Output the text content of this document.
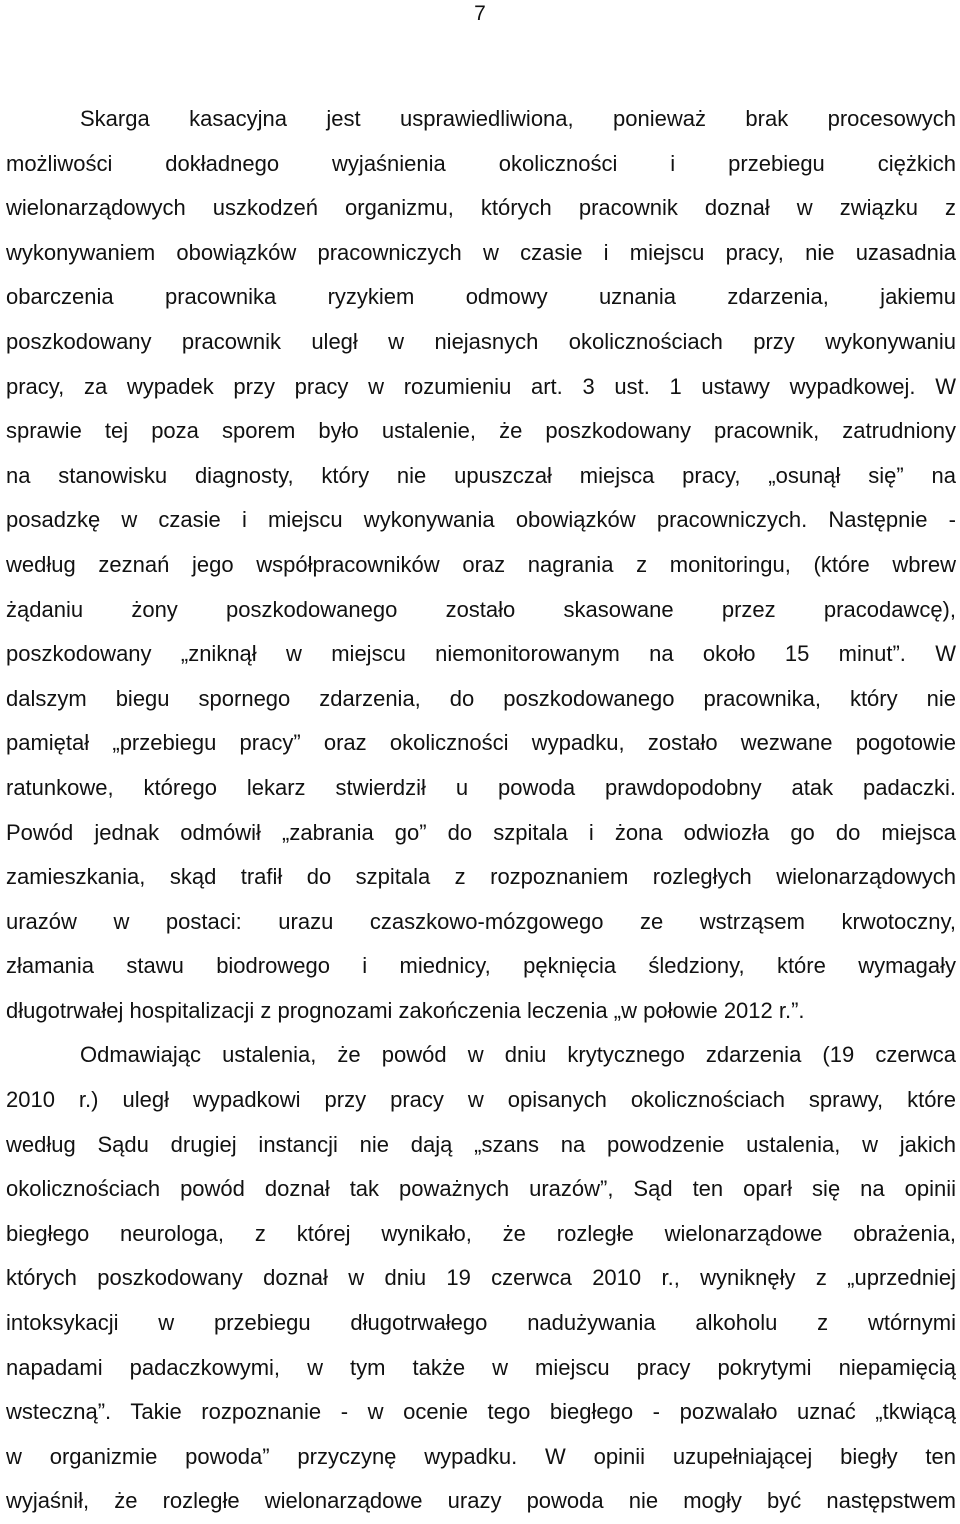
7
Skarga kasacyjna jest usprawiedliwiona, ponieważ brak procesowych
możliwości dokładnego wyjaśnienia okoliczności i przebiegu ciężkich
wielonarządowych uszkodzeń organizmu, których pracownik doznał w związku z
wykonywaniem obowiązków pracowniczych w czasie i miejscu pracy, nie uzasadnia
obarczenia pracownika ryzykiem odmowy uznania zdarzenia, jakiemu
poszkodowany pracownik uległ w niejasnych okolicznościach przy wykonywaniu
pracy, za wypadek przy pracy w rozumieniu art. 3 ust. 1 ustawy wypadkowej. W
sprawie tej poza sporem było ustalenie, że poszkodowany pracownik, zatrudniony
na stanowisku diagnosty, który nie upuszczał miejsca pracy, „osunął się” na
posadzkę w czasie i miejscu wykonywania obowiązków pracowniczych. Następnie -
według zeznań jego współpracowników oraz nagrania z monitoringu, (które wbrew
żądaniu żony poszkodowanego zostało skasowane przez pracodawcę),
poszkodowany „zniknął w miejscu niemonitorowanym na około 15 minut”. W
dalszym biegu spornego zdarzenia, do poszkodowanego pracownika, który nie
pamiętał „przebiegu pracy” oraz okoliczności wypadku, zostało wezwane pogotowie
ratunkowe, którego lekarz stwierdził u powoda prawdopodobny atak padaczki.
Powód jednak odmówił „zabrania go” do szpitala i żona odwiozła go do miejsca
zamieszkania, skąd trafił do szpitala z rozpoznaniem rozległych wielonarządowych
urazów w postaci: urazu czaszkowo-mózgowego ze wstrząsem krwotoczny,
złamania stawu biodrowego i miednicy, pęknięcia śledziony, które wymagały
długotrwałej hospitalizacji z prognozami zakończenia leczenia „w połowie 2012 r.”.
Odmawiając ustalenia, że powód w dniu krytycznego zdarzenia (19 czerwca
2010 r.) uległ wypadkowi przy pracy w opisanych okolicznościach sprawy, które
według Sądu drugiej instancji nie dają „szans na powodzenie ustalenia, w jakich
okolicznościach powód doznał tak poważnych urazów”, Sąd ten oparł się na opinii
biegłego neurologa, z której wynikało, że rozległe wielonarządowe obrażenia,
których poszkodowany doznał w dniu 19 czerwca 2010 r., wyniknęły z „uprzedniej
intoksykacji w przebiegu długotrwałego nadużywania alkoholu z wtórnymi
napadami padaczkowymi, w tym także w miejscu pracy pokrytymi niepamięcią
wsteczną”. Takie rozpoznanie - w ocenie tego biegłego - pozwalało uznać „tkwiącą
w organizmie powoda” przyczynę wypadku. W opinii uzupełniającej biegły ten
wyjaśnił, że rozległe wielonarządowe urazy powoda nie mogły być następstwem
